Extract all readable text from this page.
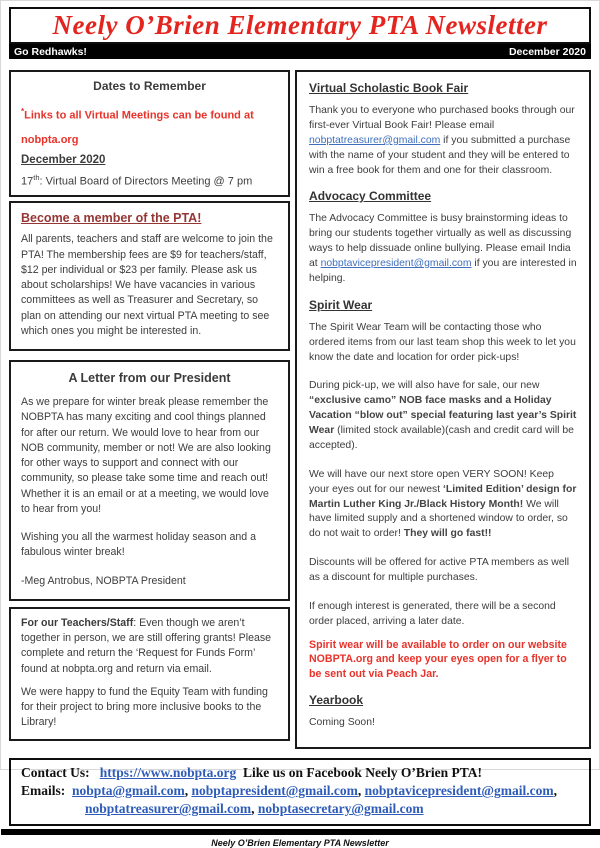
Neely O’Brien Elementary PTA Newsletter
Go Redhawks!	December 2020
Dates to Remember

*Links to all Virtual Meetings can be found at nobpta.org

December 2020

17th: Virtual Board of Directors Meeting @ 7 pm

Become a member of the PTA!

All parents, teachers and staff are welcome to join the PTA! The membership fees are $9 for teachers/staff, $12 per individual or $23 per family. Please ask us about scholarships! We have vacancies in various committees as well as Treasurer and Secretary, so plan on attending our next virtual PTA meeting to see which ones you might be interested in.

A Letter from our President

As we prepare for winter break please remember the NOBPTA has many exciting and cool things planned for after our return. We would love to hear from our NOB community, member or not! We are also looking for other ways to support and connect with our community, so please take some time and reach out! Whether it is an email or at a meeting, we would love to hear from you!

Wishing you all the warmest holiday season and a fabulous winter break!

-Meg Antrobus, NOBPTA President

For our Teachers/Staff: Even though we aren’t together in person, we are still offering grants! Please complete and return the ‘Request for Funds Form’ found at nobpta.org and return via email.

We were happy to fund the Equity Team with funding for their project to bring more inclusive books to the Library!

Virtual Scholastic Book Fair

Thank you to everyone who purchased books through our first-ever Virtual Book Fair! Please email nobptatreasurer@gmail.com if you submitted a purchase with the name of your student and they will be entered to win a free book for them and one for their classroom.

Advocacy Committee

The Advocacy Committee is busy brainstorming ideas to bring our students together virtually as well as discussing ways to help dissuade online bullying. Please email India at nobptavicepresident@gmail.com if you are interested in helping.

Spirit Wear

The Spirit Wear Team will be contacting those who ordered items from our last team shop this week to let you know the date and location for order pick-ups!

During pick-up, we will also have for sale, our new “exclusive camo” NOB face masks and a Holiday Vacation “blow out” special featuring last year’s Spirit Wear (limited stock available)(cash and credit card will be accepted).

We will have our next store open VERY SOON! Keep your eyes out for our newest ‘Limited Edition’ design for Martin Luther King Jr./Black History Month! We will have limited supply and a shortened window to order, so do not wait to order! They will go fast!!

Discounts will be offered for active PTA members as well as a discount for multiple purchases.

If enough interest is generated, there will be a second order placed, arriving a later date.

Spirit wear will be available to order on our website NOBPTA.org and keep your eyes open for a flyer to be sent out via Peach Jar.

Yearbook

Coming Soon!

Contact Us: https://www.nobpta.org Like us on Facebook Neely O’Brien PTA!
Emails: nobpta@gmail.com, nobptapresident@gmail.com, nobptavicepresident@gmail.com,
nobptatreasurer@gmail.com, nobptasecretary@gmail.com
Neely O’Brien Elementary PTA Newsletter
